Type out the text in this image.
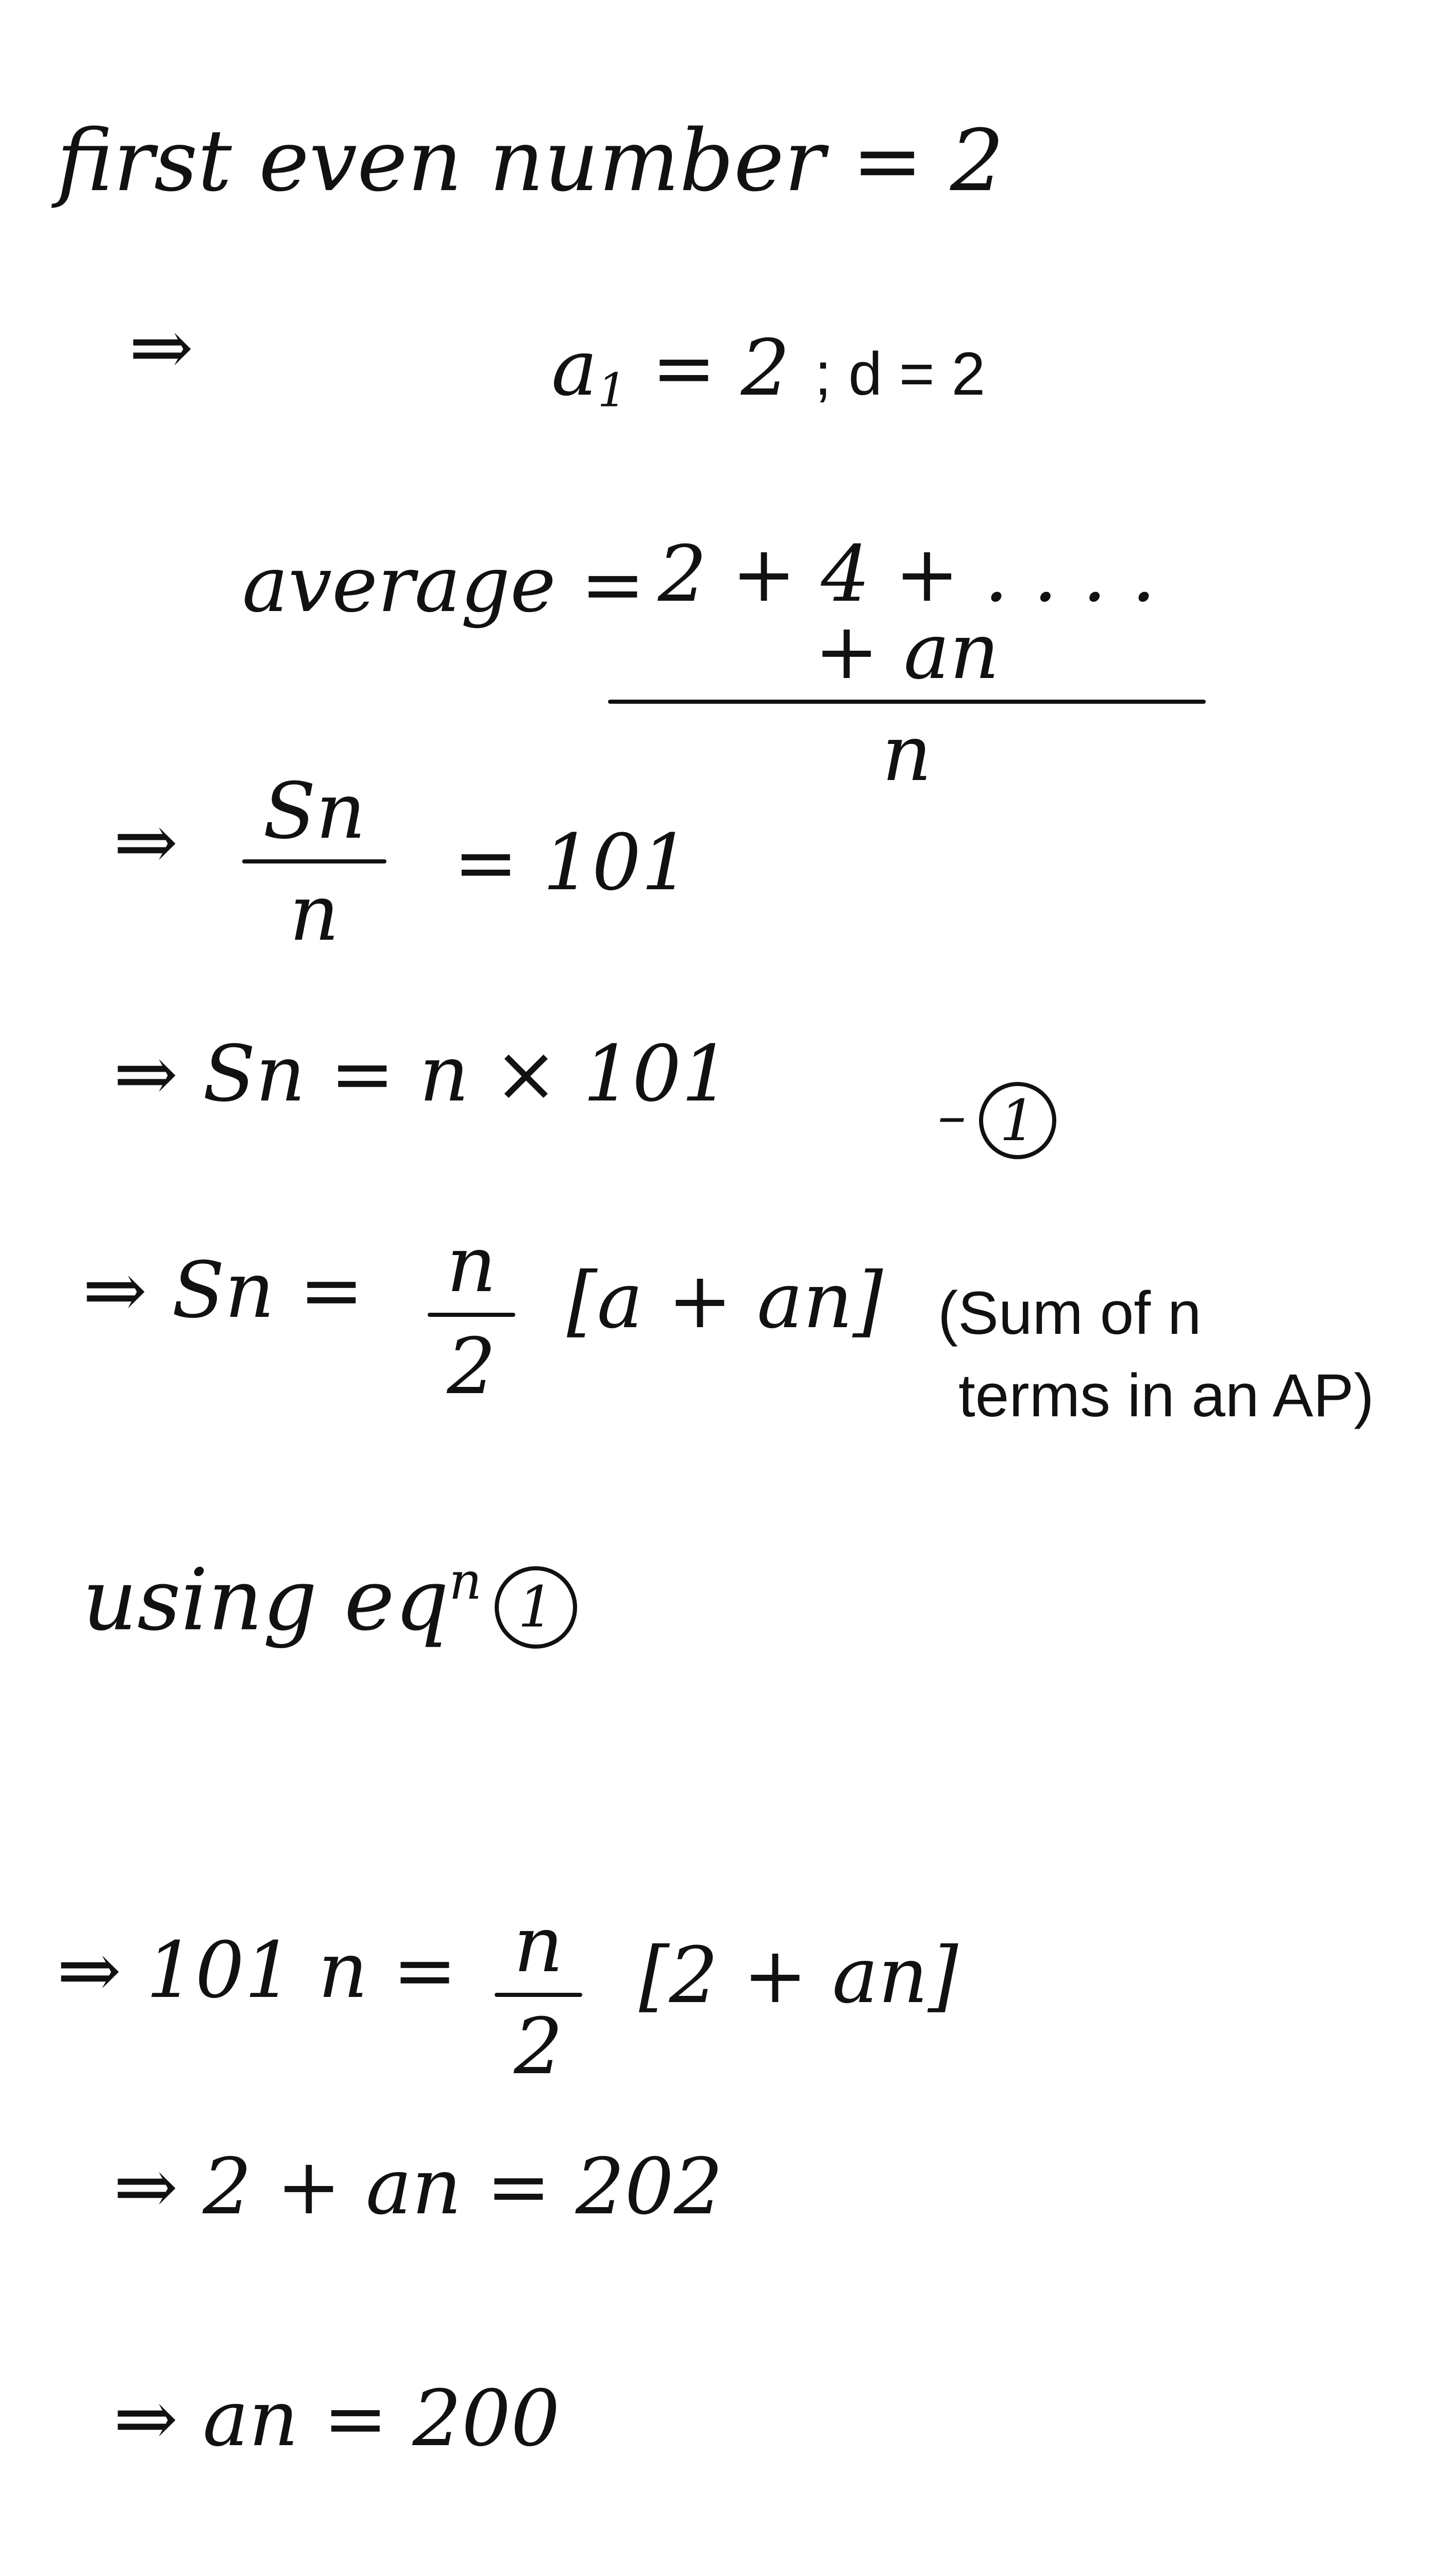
first even number = 2
⇒	$a_1 = 2$ ; d = 2
average = 2 + 4 + . . . . + an
n
⇒ Sn
n
= 101
⇒ Sn = n × 101	– 1
⇒ Sn = n
2
[a + an] (Sum of n
terms in an AP)
using $eq^n$ 1
⇒ 101 n = n
2
[2 + an]
⇒ 2 + an = 202
⇒ an = 200
